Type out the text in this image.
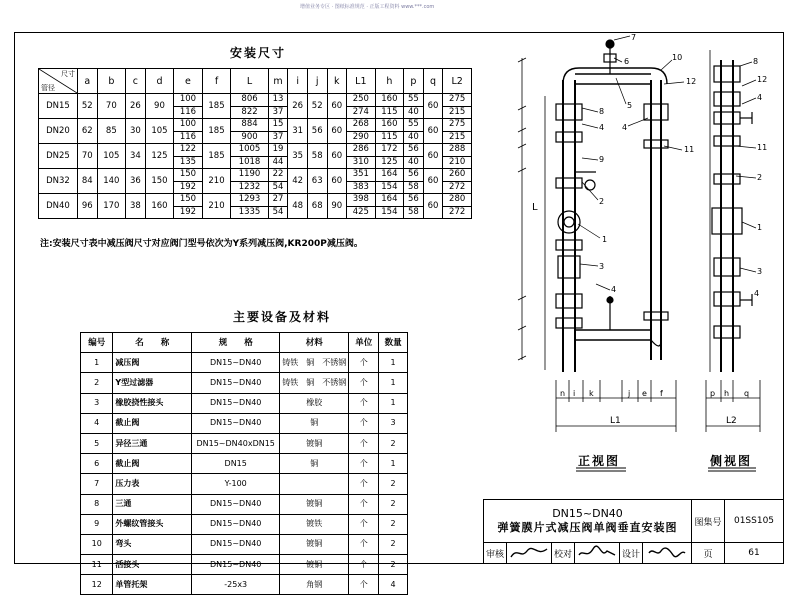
增值业务专区 · 图纸标准规范 · 正版工程资料 www.***.com
安装尺寸
尺寸
管径	a	b	c	d	e	f	L	m	i	j	k	L1	h	p	q	L2
DN15	52	70	26	90	100	185	806	13	26	52	60	250	160	55	60	275
					116		822	37				274	115	40		215
DN20	62	85	30	105	100	185	884	15	31	56	60	268	160	55	60	275
					116		900	37				290	115	40		215
DN25	70	105	34	125	122	185	1005	19	35	58	60	286	172	56	60	288
					135		1018	44				310	125	40		210
DN32	84	140	36	150	150	210	1190	22	42	63	60	351	164	56	60	260
					192		1232	54				383	154	58		272
DN40	96	170	38	160	150	210	1293	27	48	68	90	398	164	56	60	280
					192		1335	54				425	154	58		272
注:安装尺寸表中减压阀尺寸对应阀门型号依次为Y系列减压阀,KR200P减压阀。
主要设备及材料
编号	名　　称	规　　格	材料	单位	数量
1	减压阀	DN15~DN40	铸铁　铜　不锈钢	个	1
2	Y型过滤器	DN15~DN40	铸铁　铜　不锈钢	个	1
3	橡胶挠性接头	DN15~DN40	橡胶	个	1
4	截止阀	DN15~DN40	铜	个	3
5	异径三通	DN15~DN40xDN15	镀铜	个	2
6	截止阀	DN15	铜	个	1
7	压力表	Y-100		个	2
8	三通	DN15~DN40	镀铜	个	2
9	外螺纹管接头	DN15~DN40	镀铁	个	2
10	弯头	DN15~DN40	镀铜	个	2
11	活接头	DN15~DN40	镀铜	个	2
12	单管托架	-25x3	角钢	个	4
7
6
5
10
12
8
4 4
11
9
2
1
3
4
L
L1
n i k	j e f
8
12
4
11
2
1
3
4
L2
p h q
正视图	侧视图
DN15~DN40
弹簧膜片式减压阀单阀垂直安装图	图集号	01SS105
审核	校对	设计	页	61
